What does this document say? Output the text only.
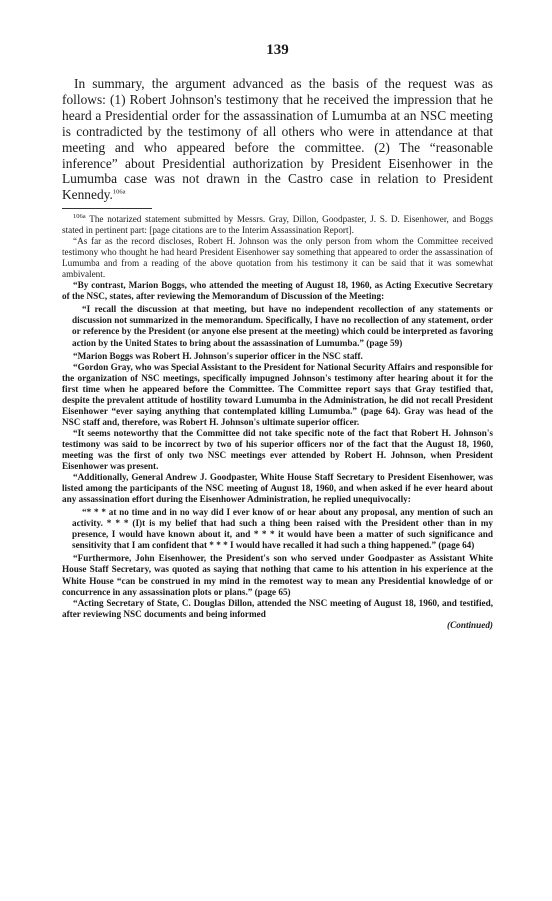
139

In summary, the argument advanced as the basis of the request was as follows: (1) Robert Johnson's testimony that he received the impression that he heard a Presidential order for the assassination of Lumumba at an NSC meeting is contradicted by the testimony of all others who were in attendance at that meeting and who appeared before the committee. (2) The “reasonable inference” about Presidential authorization by President Eisenhower in the Lumumba case was not drawn in the Castro case in relation to President Kennedy.$^{106a}$

$^{106a}$ The notarized statement submitted by Messrs. Gray, Dillon, Goodpaster, J. S. D. Eisenhower, and Boggs stated in pertinent part: [page citations are to the Interim Assassination Report].

“As far as the record discloses, Robert H. Johnson was the only person from whom the Committee received testimony who thought he had heard President Eisenhower say something that appeared to order the assassination of Lumumba and from a reading of the above quotation from his testimony it can be said that it was somewhat ambivalent.

“By contrast, Marion Boggs, who attended the meeting of August 18, 1960, as Acting Executive Secretary of the NSC, states, after reviewing the Memorandum of Discussion of the Meeting:

“I recall the discussion at that meeting, but have no independent recollection of any statements or discussion not summarized in the memorandum. Specifically, I have no recollection of any statement, order or reference by the President (or anyone else present at the meeting) which could be interpreted as favoring action by the United States to bring about the assassination of Lumumba.” (page 59)

“Marion Boggs was Robert H. Johnson's superior officer in the NSC staff.

“Gordon Gray, who was Special Assistant to the President for National Security Affairs and responsible for the organization of NSC meetings, specifically impugned Johnson's testimony after hearing about it for the first time when he appeared before the Committee. The Committee report says that Gray testified that, despite the prevalent attitude of hostility toward Lumumba in the Administration, he did not recall President Eisenhower “ever saying anything that contemplated killing Lumumba.” (page 64). Gray was head of the NSC staff and, therefore, was Robert H. Johnson's ultimate superior officer.

“It seems noteworthy that the Committee did not take specific note of the fact that Robert H. Johnson's testimony was said to be incorrect by two of his superior officers nor of the fact that the August 18, 1960, meeting was the first of only two NSC meetings ever attended by Robert H. Johnson, when President Eisenhower was present.

“Additionally, General Andrew J. Goodpaster, White House Staff Secretary to President Eisenhower, was listed among the participants of the NSC meeting of August 18, 1960, and when asked if he ever heard about any assassination effort during the Eisenhower Administration, he replied unequivocally:

“* * * at no time and in no way did I ever know of or hear about any proposal, any mention of such an activity. * * * (I)t is my belief that had such a thing been raised with the President other than in my presence, I would have known about it, and * * * it would have been a matter of such significance and sensitivity that I am confident that * * * I would have recalled it had such a thing happened.” (page 64)

“Furthermore, John Eisenhower, the President's son who served under Goodpaster as Assistant White House Staff Secretary, was quoted as saying that nothing that came to his attention in his experience at the White House “can be construed in my mind in the remotest way to mean any Presidential knowledge of or concurrence in any assassination plots or plans.” (page 65)

“Acting Secretary of State, C. Douglas Dillon, attended the NSC meeting of August 18, 1960, and testified, after reviewing NSC documents and being informed

(Continued)
